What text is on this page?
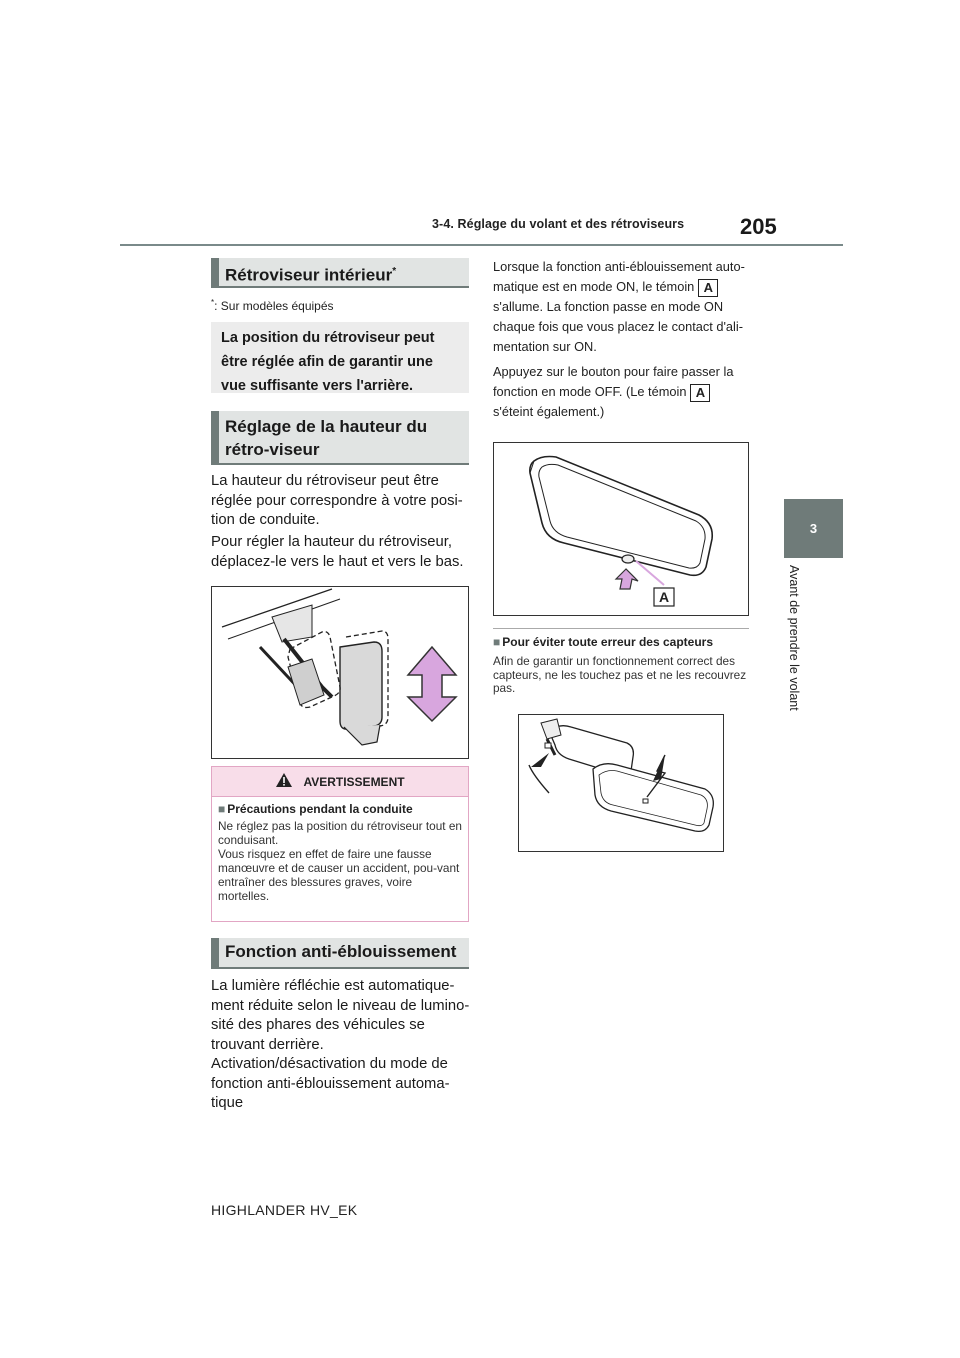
3-4. Réglage du volant et des rétroviseurs	205
3
Avant de prendre le volant
Rétroviseur intérieur*
*: Sur modèles équipés
La position du rétroviseur peut être réglée afin de garantir une vue suffisante vers l'arrière.
Réglage de la hauteur du rétro-viseur
La hauteur du rétroviseur peut être réglée pour correspondre à votre posi-tion de conduite.
Pour régler la hauteur du rétroviseur, déplacez-le vers le haut et vers le bas.
AVERTISSEMENT
■ Précautions pendant la conduite
Ne réglez pas la position du rétroviseur tout en conduisant.
Vous risquez en effet de faire une fausse manœuvre et de causer un accident, pou-vant entraîner des blessures graves, voire mortelles.
Fonction anti-éblouissement
La lumière réfléchie est automatique-ment réduite selon le niveau de lumino-sité des phares des véhicules se trouvant derrière.
Activation/désactivation du mode de fonction anti-éblouissement automa-tique
Lorsque la fonction anti-éblouissement auto-matique est en mode ON, le témoin A
s'allume. La fonction passe en mode ON chaque fois que vous placez le contact d'ali-mentation sur ON.
Appuyez sur le bouton pour faire passer la fonction en mode OFF. (Le témoin A
s'éteint également.)
A
■ Pour éviter toute erreur des capteurs
Afin de garantir un fonctionnement correct des capteurs, ne les touchez pas et ne les recouvrez pas.
HIGHLANDER HV_EK
